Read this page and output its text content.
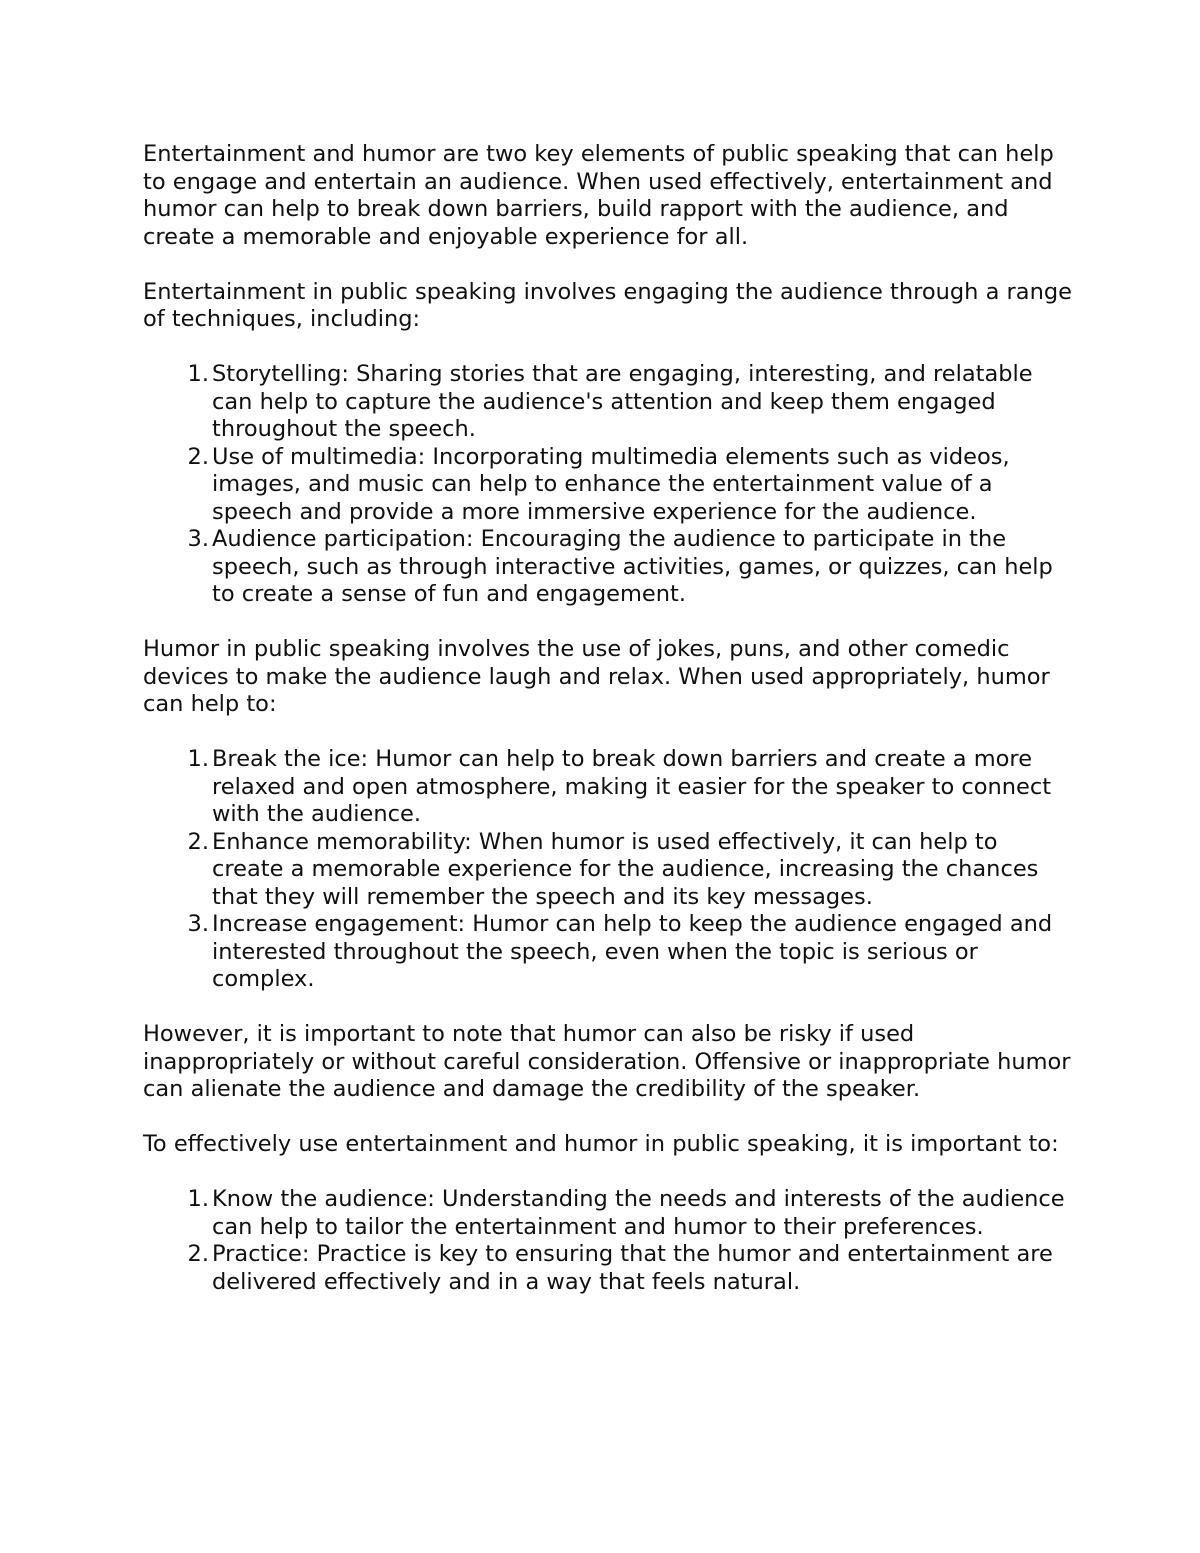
Entertainment and humor are two key elements of public speaking that can help to engage and entertain an audience. When used effectively, entertainment and humor can help to break down barriers, build rapport with the audience, and create a memorable and enjoyable experience for all.

Entertainment in public speaking involves engaging the audience through a range of techniques, including:

1. Storytelling: Sharing stories that are engaging, interesting, and relatable can help to capture the audience's attention and keep them engaged throughout the speech.
2. Use of multimedia: Incorporating multimedia elements such as videos, images, and music can help to enhance the entertainment value of a speech and provide a more immersive experience for the audience.
3. Audience participation: Encouraging the audience to participate in the speech, such as through interactive activities, games, or quizzes, can help to create a sense of fun and engagement.

Humor in public speaking involves the use of jokes, puns, and other comedic devices to make the audience laugh and relax. When used appropriately, humor can help to:

1. Break the ice: Humor can help to break down barriers and create a more relaxed and open atmosphere, making it easier for the speaker to connect with the audience.
2. Enhance memorability: When humor is used effectively, it can help to create a memorable experience for the audience, increasing the chances that they will remember the speech and its key messages.
3. Increase engagement: Humor can help to keep the audience engaged and interested throughout the speech, even when the topic is serious or complex.

However, it is important to note that humor can also be risky if used inappropriately or without careful consideration. Offensive or inappropriate humor can alienate the audience and damage the credibility of the speaker.

To effectively use entertainment and humor in public speaking, it is important to:

1. Know the audience: Understanding the needs and interests of the audience can help to tailor the entertainment and humor to their preferences.
2. Practice: Practice is key to ensuring that the humor and entertainment are delivered effectively and in a way that feels natural.
